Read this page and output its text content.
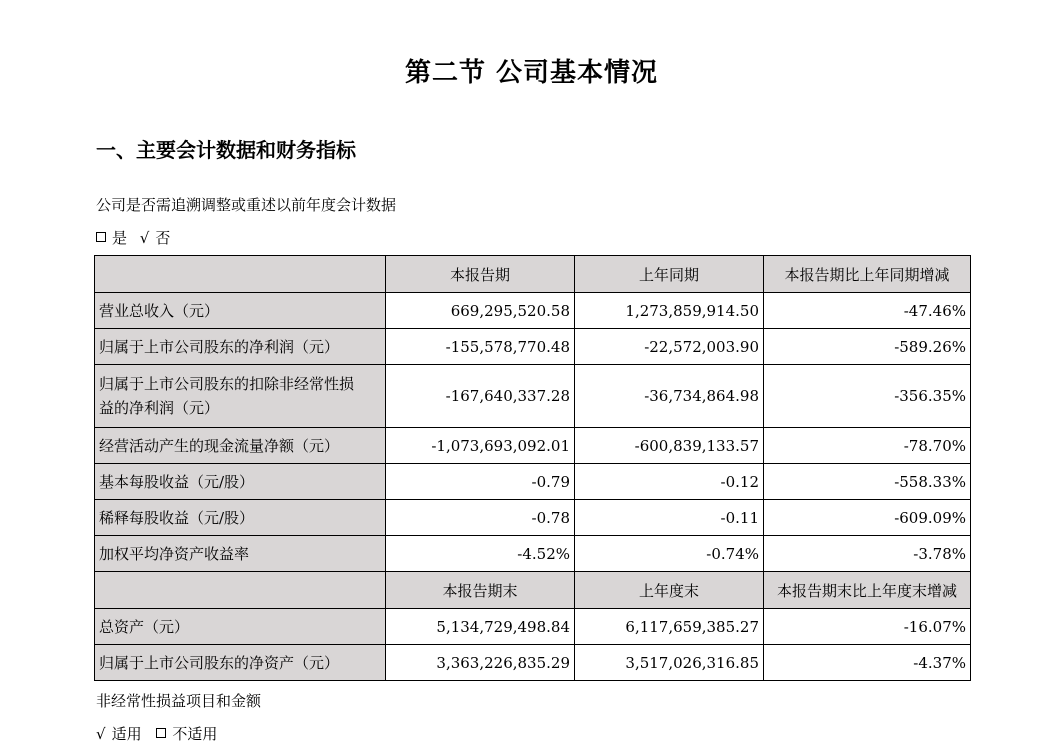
第二节 公司基本情况
一、主要会计数据和财务指标
公司是否需追溯调整或重述以前年度会计数据
是 √ 否
	本报告期	上年同期	本报告期比上年同期增减
营业总收入（元）	669,295,520.58	1,273,859,914.50	-47.46%
归属于上市公司股东的净利润（元）	-155,578,770.48	-22,572,003.90	-589.26%
归属于上市公司股东的扣除非经常性损
益的净利润（元）	-167,640,337.28	-36,734,864.98	-356.35%
经营活动产生的现金流量净额（元）	-1,073,693,092.01	-600,839,133.57	-78.70%
基本每股收益（元/股）	-0.79	-0.12	-558.33%
稀释每股收益（元/股）	-0.78	-0.11	-609.09%
加权平均净资产收益率	-4.52%	-0.74%	-3.78%
	本报告期末	上年度末	本报告期末比上年度末增减
总资产（元）	5,134,729,498.84	6,117,659,385.27	-16.07%
归属于上市公司股东的净资产（元）	3,363,226,835.29	3,517,026,316.85	-4.37%
非经常性损益项目和金额
√ 适用 不适用
